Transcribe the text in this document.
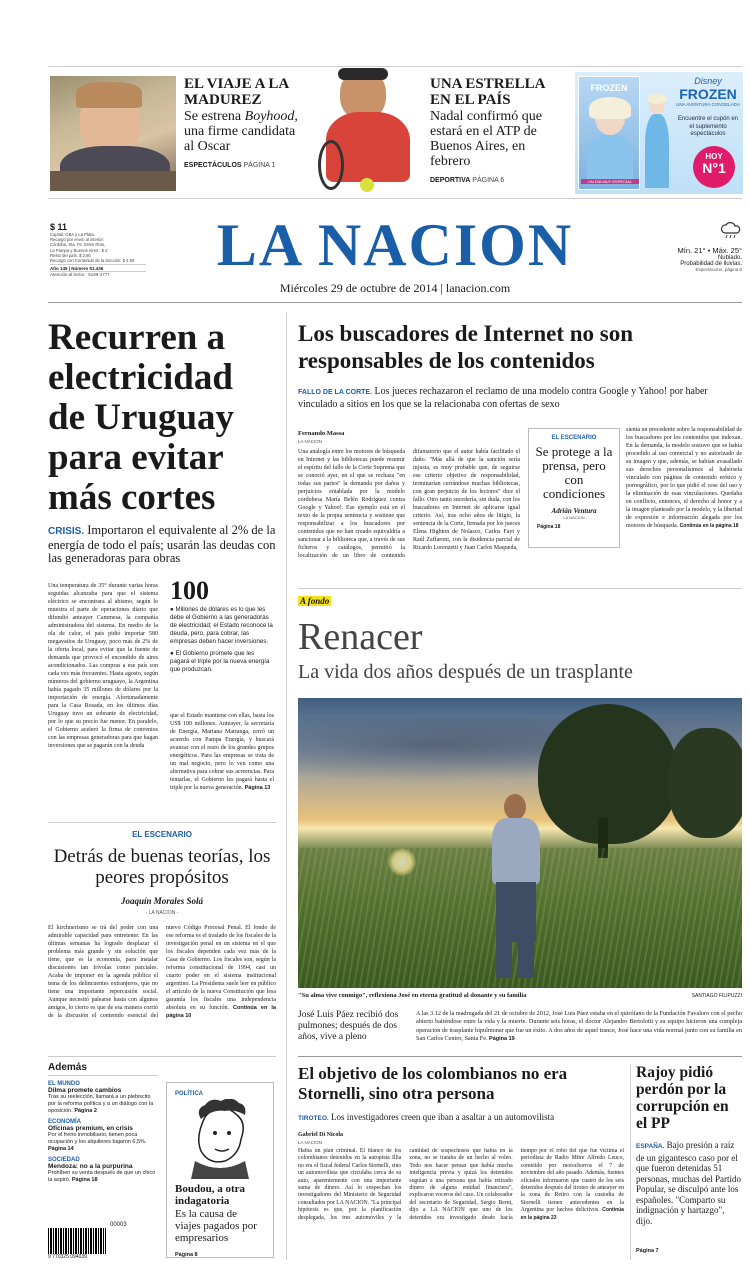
EL VIAJE A LA MADUREZ
Se estrena Boyhood, una firme candidata al Oscar
ESPECTÁCULOS PÁGINA 1
UNA ESTRELLA EN EL PAÍS
Nadal confirmó que estará en el ATP de Buenos Aires, en febrero
DEPORTIVA PÁGINA 6
FROZEN
UN DÍA MUY ESPECIAL
Disney
FROZEN
UNA AVENTURA CONGELADA
Encuentre el cupón en el suplemento espectáculos
HOY
N°1
$ 11
Capital, GBA y La Plata.
Recargo por envío al interior:
Córdoba, Sta. Fe, Entre Ríos,
La Pampa y Buenos Aires : $ 2
Resto del país: $ 2,80
Recargo con Contenido de la Sección: $ 4,50
Año 145 | Número 51.436
Atención al lector : 5199-4777	LA NACION
Miércoles 29 de octubre de 2014 | lanacion.com
Mín. 21° • Máx. 25°
Nublado.
Probabilidad de lluvias.
Espectáculos, página 6
Recurren a electricidad de Uruguay para evitar más cortes
CRISIS. Importaron el equivalente al 2% de la energía de todo el país; usarán las deudas con las generadoras para obras
Una temperatura de 35° durante varias horas seguidas alcanzaba para que el sistema eléctrico se encontrara al abismo, según lo muestra el parte de operaciones diario que difundió anteayer Cammesa, la compañía administradora del sistema. En medio de la ola de calor, el país pidió importar 580 megavatios de Uruguay, poco más de 2% de la oferta local, para evitar que la fuente de demanda que provocó el encendido de aires acondicionados. Las compras a ese país son cada vez más frecuentes. Hasta agosto, según números del gobierno uruguayo, la Argentina había pagado 35 millones de dólares por la importación de energía. Afortunadamente para la Casa Rosada, en los últimos días Uruguay tuvo un sobrante de electricidad, por lo que su precio fue menor. En paralelo, el Gobierno aceleró la firma de convenios con las empresas generadoras para que hagan inversiones que se pagarán con la deuda
100
● Millones de dólares es lo que les debe el Gobierno a las generadoras de electricidad; el Estado reconoce la deuda, pero, para cobrar, las empresas deben hacer inversiones.
● El Gobierno promete que les pagará el triple por la nueva energía que produzcan.
que el Estado mantiene con ellas, hasta los US$ 100 millones. Anteayer, la secretaría de Energía, Mariana Matranga, cerró un acuerdo con Pampa Energía, y buscará avanzar con el resto de los grandes grupos energéticos. Para las empresas se trata de un mal negocio, pero lo ven como una alternativa para cobrar sus acreencias. Para tentarlas, el Gobierno les pagará hasta el triple por la nueva generación. Página 13
EL ESCENARIO
Detrás de buenas teorías, los peores propósitos
Joaquín Morales Solá
- LA NACION -
El kirchnerismo se irá del poder con una admirable capacidad para entretener. En las últimas semanas ha logrado desplazar el problema más grande y sin solución que tiene, que es la economía, para instalar discusiones tan frívolas como parciales. Acaba de imponer en la agenda pública el tema de los delincuentes extranjeros, que no tiene una importante repercusión social. Aunque necesitó palearse hasta con algunos amigos, lo cierto es que de esa manera corrió de la discusión el contenido esencial del nuevo Código Procesal Penal. El fondo de ese reforma es el traslado de los fiscales de la investigación penal en un sistema en el que los fiscales dependen cada vez más de la Casa de Gobierno. Los fiscales son, según la reforma constitucional de 1994, casi un cuarto poder en el sistema institucional argentino. La Presidenta suele leer en público el artículo de la nueva Constitución que lesa garantía los fiscales una independencia absoluta en su función. Continúa en la página 10
Además
EL MUNDO
Dilma promete cambios
Tras su reelección, llamará a un plebiscito por la reforma política y a un diálogo con la oposición. Página 2
ECONOMÍA
Oficinas premium, en crisis
Por el freno inmobiliario, tienen poca ocupación y los alquileres bajaron 6,5%. Página 14
SOCIEDAD
Mendoza: no a la purpurina
Prohíben su venta después de que un chico la aspiró. Página 18
00003
9 770325 094039
POLÍTICA
Boudou, a otra indagatoria
Es la causa de viajes pagados por empresarios
Página 8
Los buscadores de Internet no son responsables de los contenidos
FALLO DE LA CORTE. Los jueces rechazaron el reclamo de una modelo contra Google y Yahoo! por haber vinculado a sitios en los que se la relacionaba con ofertas de sexo
Fernando Massa
LA NACION
Una analogía entre los motores de búsqueda en Internet y las bibliotecas puede resumir el espíritu del fallo de la Corte Suprema que se conoció ayer, en el que se rechaza "en todas sus partes" la demanda por daños y perjuicios entablada por la modelo cordobesa María Belén Rodríguez contra Google y Yahoo!. Ese ejemplo está en el texto de la propia sentencia y sostiene que responsabilizar a los buscadores por contenidos que no han creado equivaldría a sancionar a la biblioteca que, a través de sus ficheros y catálogos, permitió la localización de un libro de contenido difamatorio que el autor había facilitado el daño. "Más allá de que la sanción sería injusta, es muy probable que, de seguirse ese criterio objetivo de responsabilidad, terminarían cerrándose muchas bibliotecas, con gran perjuicio de los lectores" dice el fallo. Otro tanto sucedería, sin duda, con los buscadores en Internet de aplicarse igual criterio. Así, tras ocho años de litigio, la sentencia de la Corte, firmada por los jueces Elena Highton de Nolasco, Carlos Fayt y Raúl Zaffaroni, con la disidencia parcial de Ricardo Lorenzetti y Juan Carlos Maqueda,
EL ESCENARIO
Se protege a la prensa, pero con condiciones
Adrián Ventura
- LA NACION -
Página 18
sienta un precedente sobre la responsabilidad de los buscadores por los contenidos que indexan. En la demanda, la modelo sostuvo que se había procedido al uso comercial y no autorizado de su imagen y que, además, se habían avasallado sus derechos personalísimos al habérsela vinculado con páginas de contenido erótico y pornográfico, por lo que pidió el cese del uso y la eliminación de esas vinculaciones. Quedaba en conflicto, entonces, el derecho al honor y a la imagen planteado por la modelo, y la libertad de expresión e información alegada por los motores de búsqueda. Continúa en la página 18
A fondo
Renacer
La vida dos años después de un trasplante
"Su alma vive conmigo", reflexiona José en eterna gratitud al donante y su familia	SANTIAGO FILIPUZZI
José Luis Páez recibió dos pulmones; después de dos años, vive a pleno
A las 3.12 de la madrugada del 21 de octubre de 2012, José Luis Páez estaba en el quirófano de la Fundación Favaloro con el pecho abierto batiéndose entre la vida y la muerte. Durante seis horas, el doctor Alejandro Bertolotti y su equipo hicieron una compleja operación de trasplante bipulmonar que fue un éxito. A dos años de aquel trance, José hace una vida normal junto con su familia en San Carlos Centro, Santa Fe. Página 19
El objetivo de los colombianos no era Stornelli, sino otra persona
TIROTEO. Los investigadores creen que iban a asaltar a un automovilista
Gabriel Di Nicola
LA NACION
Había un plan criminal. El blanco de los colombianos detenidos en la autopista Illia no era el fiscal federal Carlos Stornelli, sino un automovilista que circulaba cerca de su auto, aparentemente con una importante suma de dinero. Así lo sospechan los investigadores del Ministerio de Seguridad consultados por LA NACION. "La principal hipótesis es que, por la planificación desplegada, los tres automóviles y la cantidad de sospechosos que había en la zona, no se trataba de un hecho al voleo. Todo nos hacer pensar que había mucha inteligencia previa y quizá los detenidos seguían a una persona que había retirado dinero de alguna entidad financiera", explicaron voceros del caso. Un colaborador del secretario de Seguridad, Sergio Berni, dijo a LA NACION que uno de los detenidos era investigado desde hacía tiempo por el robo del que fue víctima el periodista de Radio Mitre Alfredo Leuco, cometido por motochorros el 7 de noviembre del año pasado. Además, fuentes oficiales informaron que cuatro de los seis detenidos después del tiroteo de anteayer en la zona de Retiro con la custodia de Stornelli tienen antecedentes en la Argentina por hechos delictivos. Continúa en la página 23
Rajoy pidió perdón por la corrupción en el PP
ESPAÑA. Bajo presión a raíz de un gigantesco caso por el que fueron detenidas 51 personas, muchas del Partido Popular, se disculpó ante los españoles. "Comparto su indignación y hartazgo", dijo.
Página 7
